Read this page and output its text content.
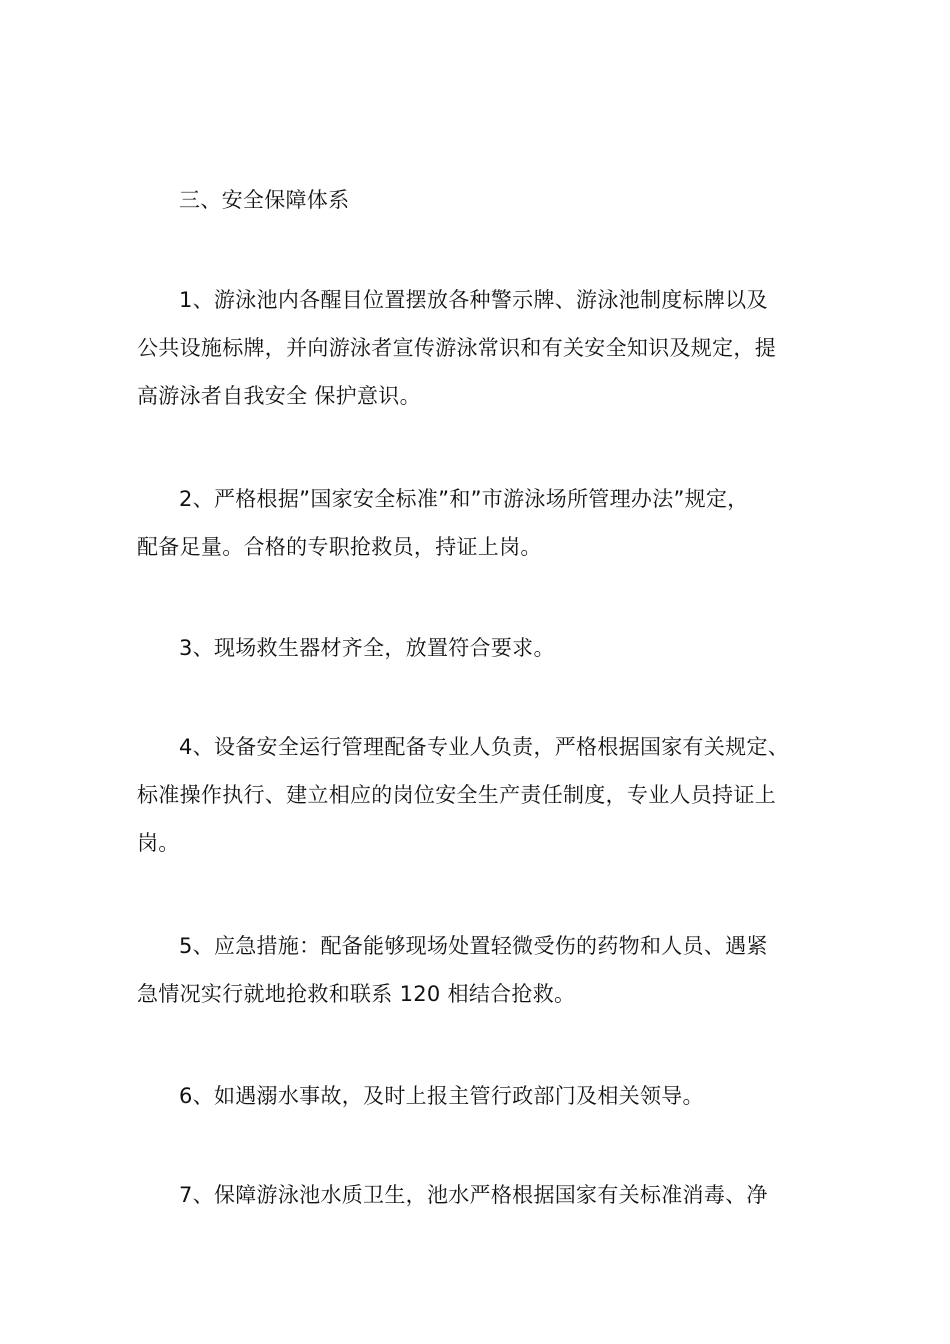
三、安全保障体系

1、游泳池内各醒目位置摆放各种警示牌、游泳池制度标牌以及
公共设施标牌，并向游泳者宣传游泳常识和有关安全知识及规定，提
高游泳者自我安全 保护意识。

2、严格根据”国家安全标准”和”市游泳场所管理办法”规定，
配备足量。合格的专职抢救员，持证上岗。

3、现场救生器材齐全，放置符合要求。

4、设备安全运行管理配备专业人负责，严格根据国家有关规定、
标准操作执行、建立相应的岗位安全生产责任制度，专业人员持证上
岗。

5、应急措施：配备能够现场处置轻微受伤的药物和人员、遇紧
急情况实行就地抢救和联系 120 相结合抢救。

6、如遇溺水事故，及时上报主管行政部门及相关领导。

7、保障游泳池水质卫生，池水严格根据国家有关标准消毒、净
